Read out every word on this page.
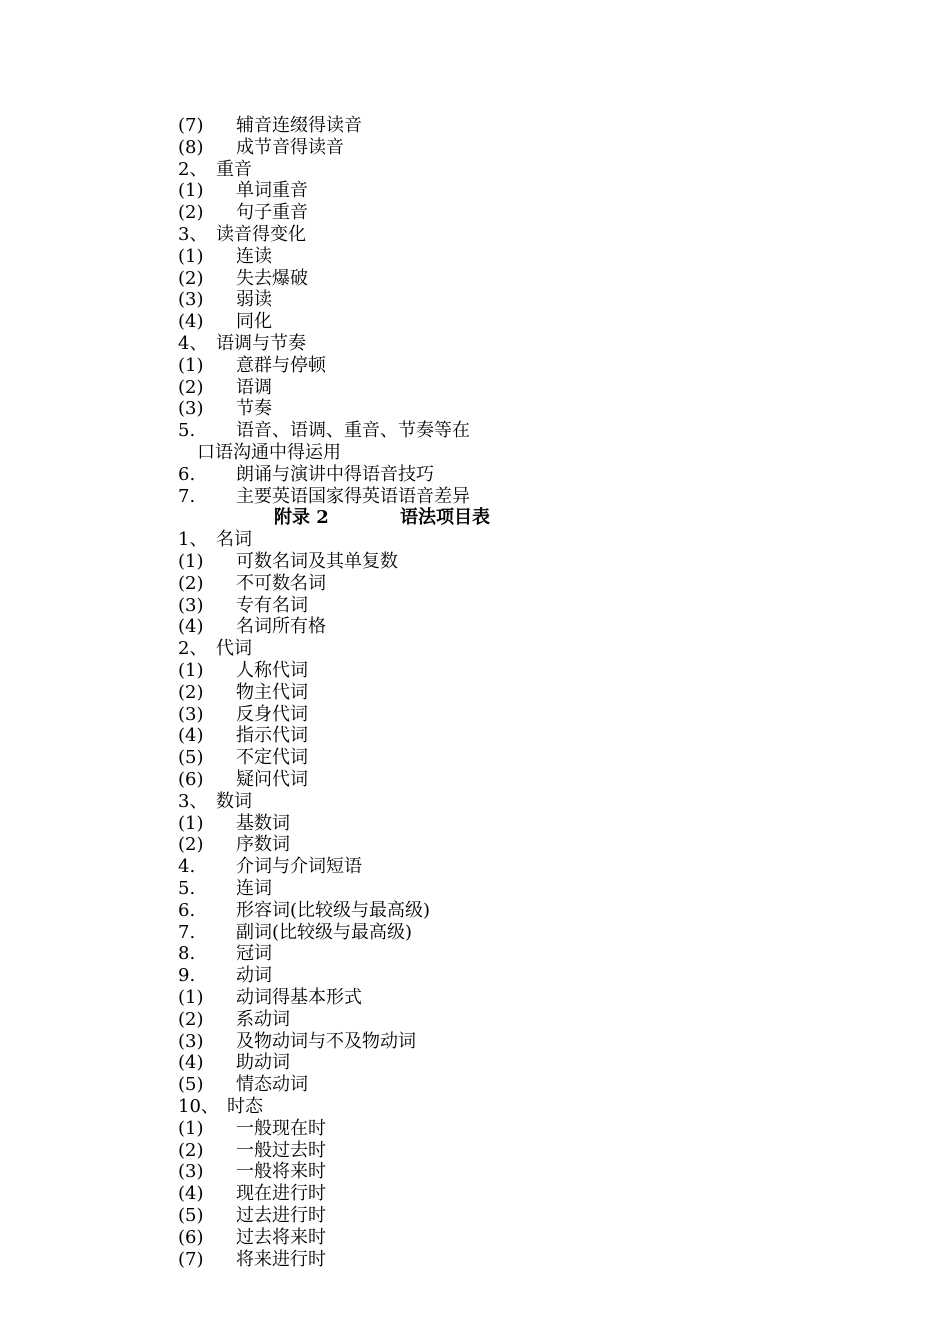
(7) 辅音连缀得读音
(8) 成节音得读音
2、 重音
(1) 单词重音
(2) 句子重音
3、 读音得变化
(1) 连读
(2) 失去爆破
(3) 弱读
(4) 同化
4、 语调与节奏
(1) 意群与停顿
(2) 语调
(3) 节奏
5. 语音、语调、重音、节奏等在
口语沟通中得运用
6. 朗诵与演讲中得语音技巧
7. 主要英语国家得英语语音差异
附录 2	语法项目表
1、 名词
(1) 可数名词及其单复数
(2) 不可数名词
(3) 专有名词
(4) 名词所有格
2、 代词
(1) 人称代词
(2) 物主代词
(3) 反身代词
(4) 指示代词
(5) 不定代词
(6) 疑问代词
3、 数词
(1) 基数词
(2) 序数词
4. 介词与介词短语
5. 连词
6. 形容词(比较级与最高级)
7. 副词(比较级与最高级)
8. 冠词
9. 动词
(1) 动词得基本形式
(2) 系动词
(3) 及物动词与不及物动词
(4) 助动词
(5) 情态动词
10、 时态
(1) 一般现在时
(2) 一般过去时
(3) 一般将来时
(4) 现在进行时
(5) 过去进行时
(6) 过去将来时
(7) 将来进行时
